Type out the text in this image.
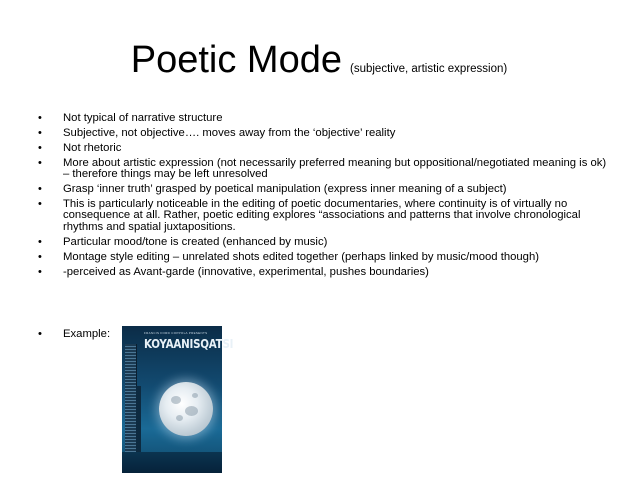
Poetic Mode (subjective, artistic expression)
• Not typical of narrative structure
• Subjective, not objective…. moves away from the ‘objective’ reality
• Not rhetoric
• More about artistic expression (not necessarily preferred meaning but oppositional/negotiated meaning is ok) – therefore things may be left unresolved
• Grasp ‘inner truth’ grasped by poetical manipulation (express inner meaning of a subject)
• This is particularly noticeable in the editing of poetic documentaries, where continuity is of virtually no consequence at all. Rather, poetic editing explores “associations and patterns that involve chronological rhythms and spatial juxtapositions.
• Particular mood/tone is created (enhanced by music)
• Montage style editing – unrelated shots edited together (perhaps linked by music/mood though)
• -perceived as Avant-garde (innovative, experimental, pushes boundaries)
• Example:	FRANCIS FORD COPPOLA PRESENTS
KOYAANISQATSI
